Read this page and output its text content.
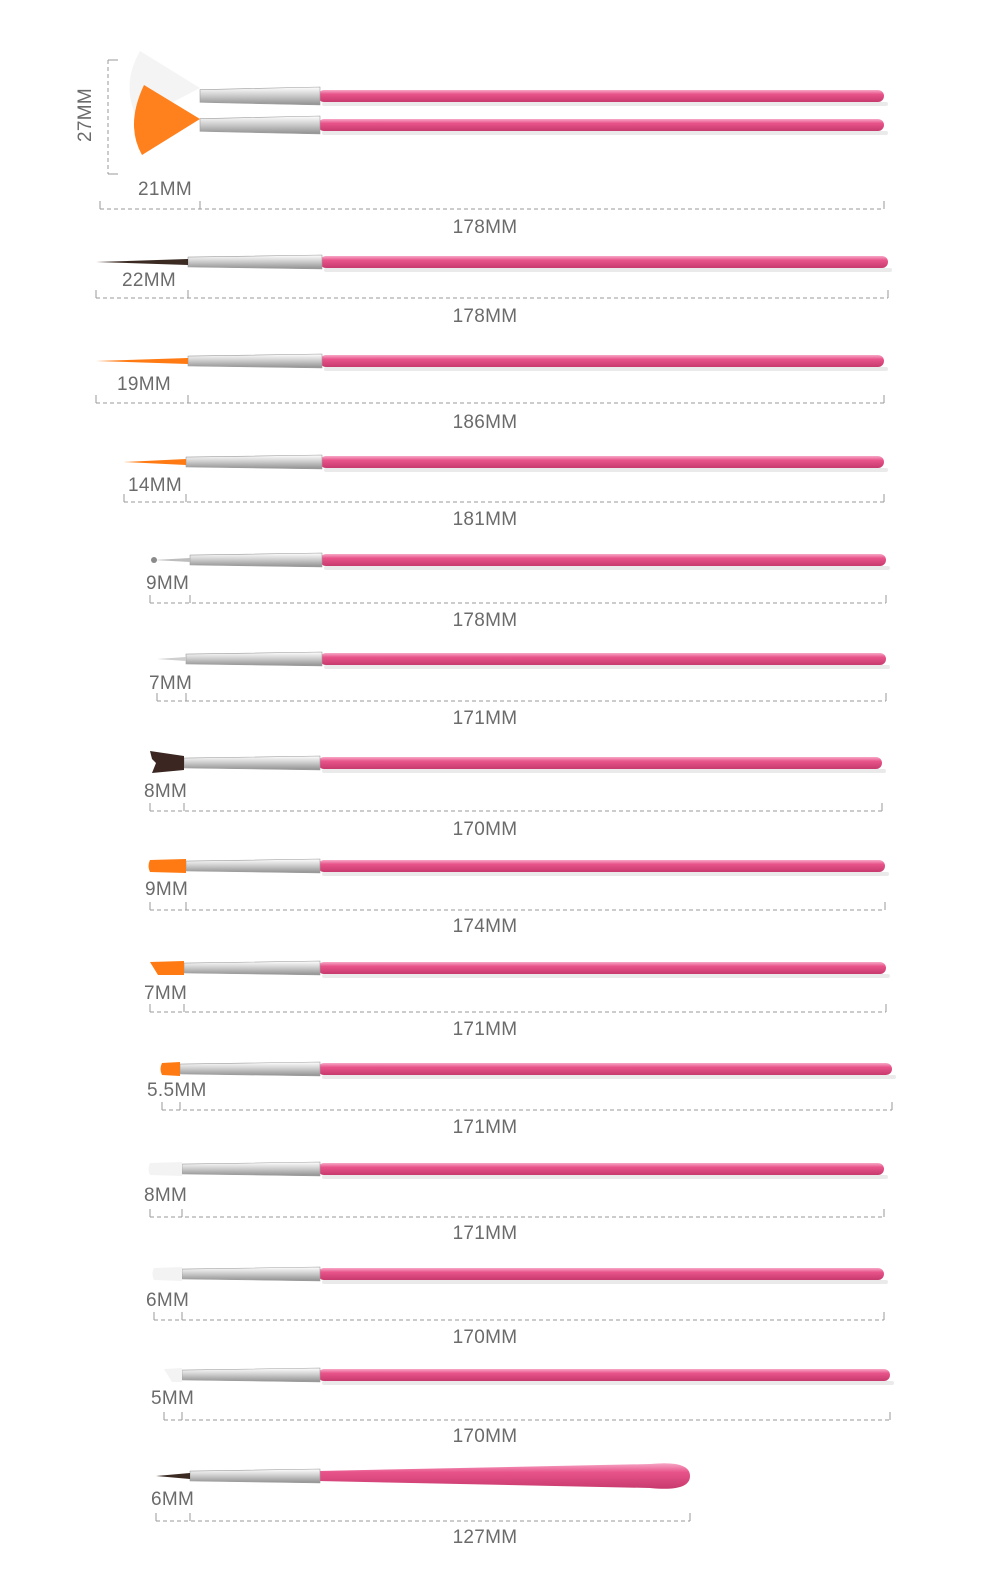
27MM
21MM
178MM
22MM
178MM
19MM
186MM
14MM
181MM
9MM
178MM
7MM
171MM
8MM
170MM
9MM
174MM
7MM
171MM
5.5MM
171MM
8MM
171MM
6MM
170MM
5MM
170MM
6MM
127MM
